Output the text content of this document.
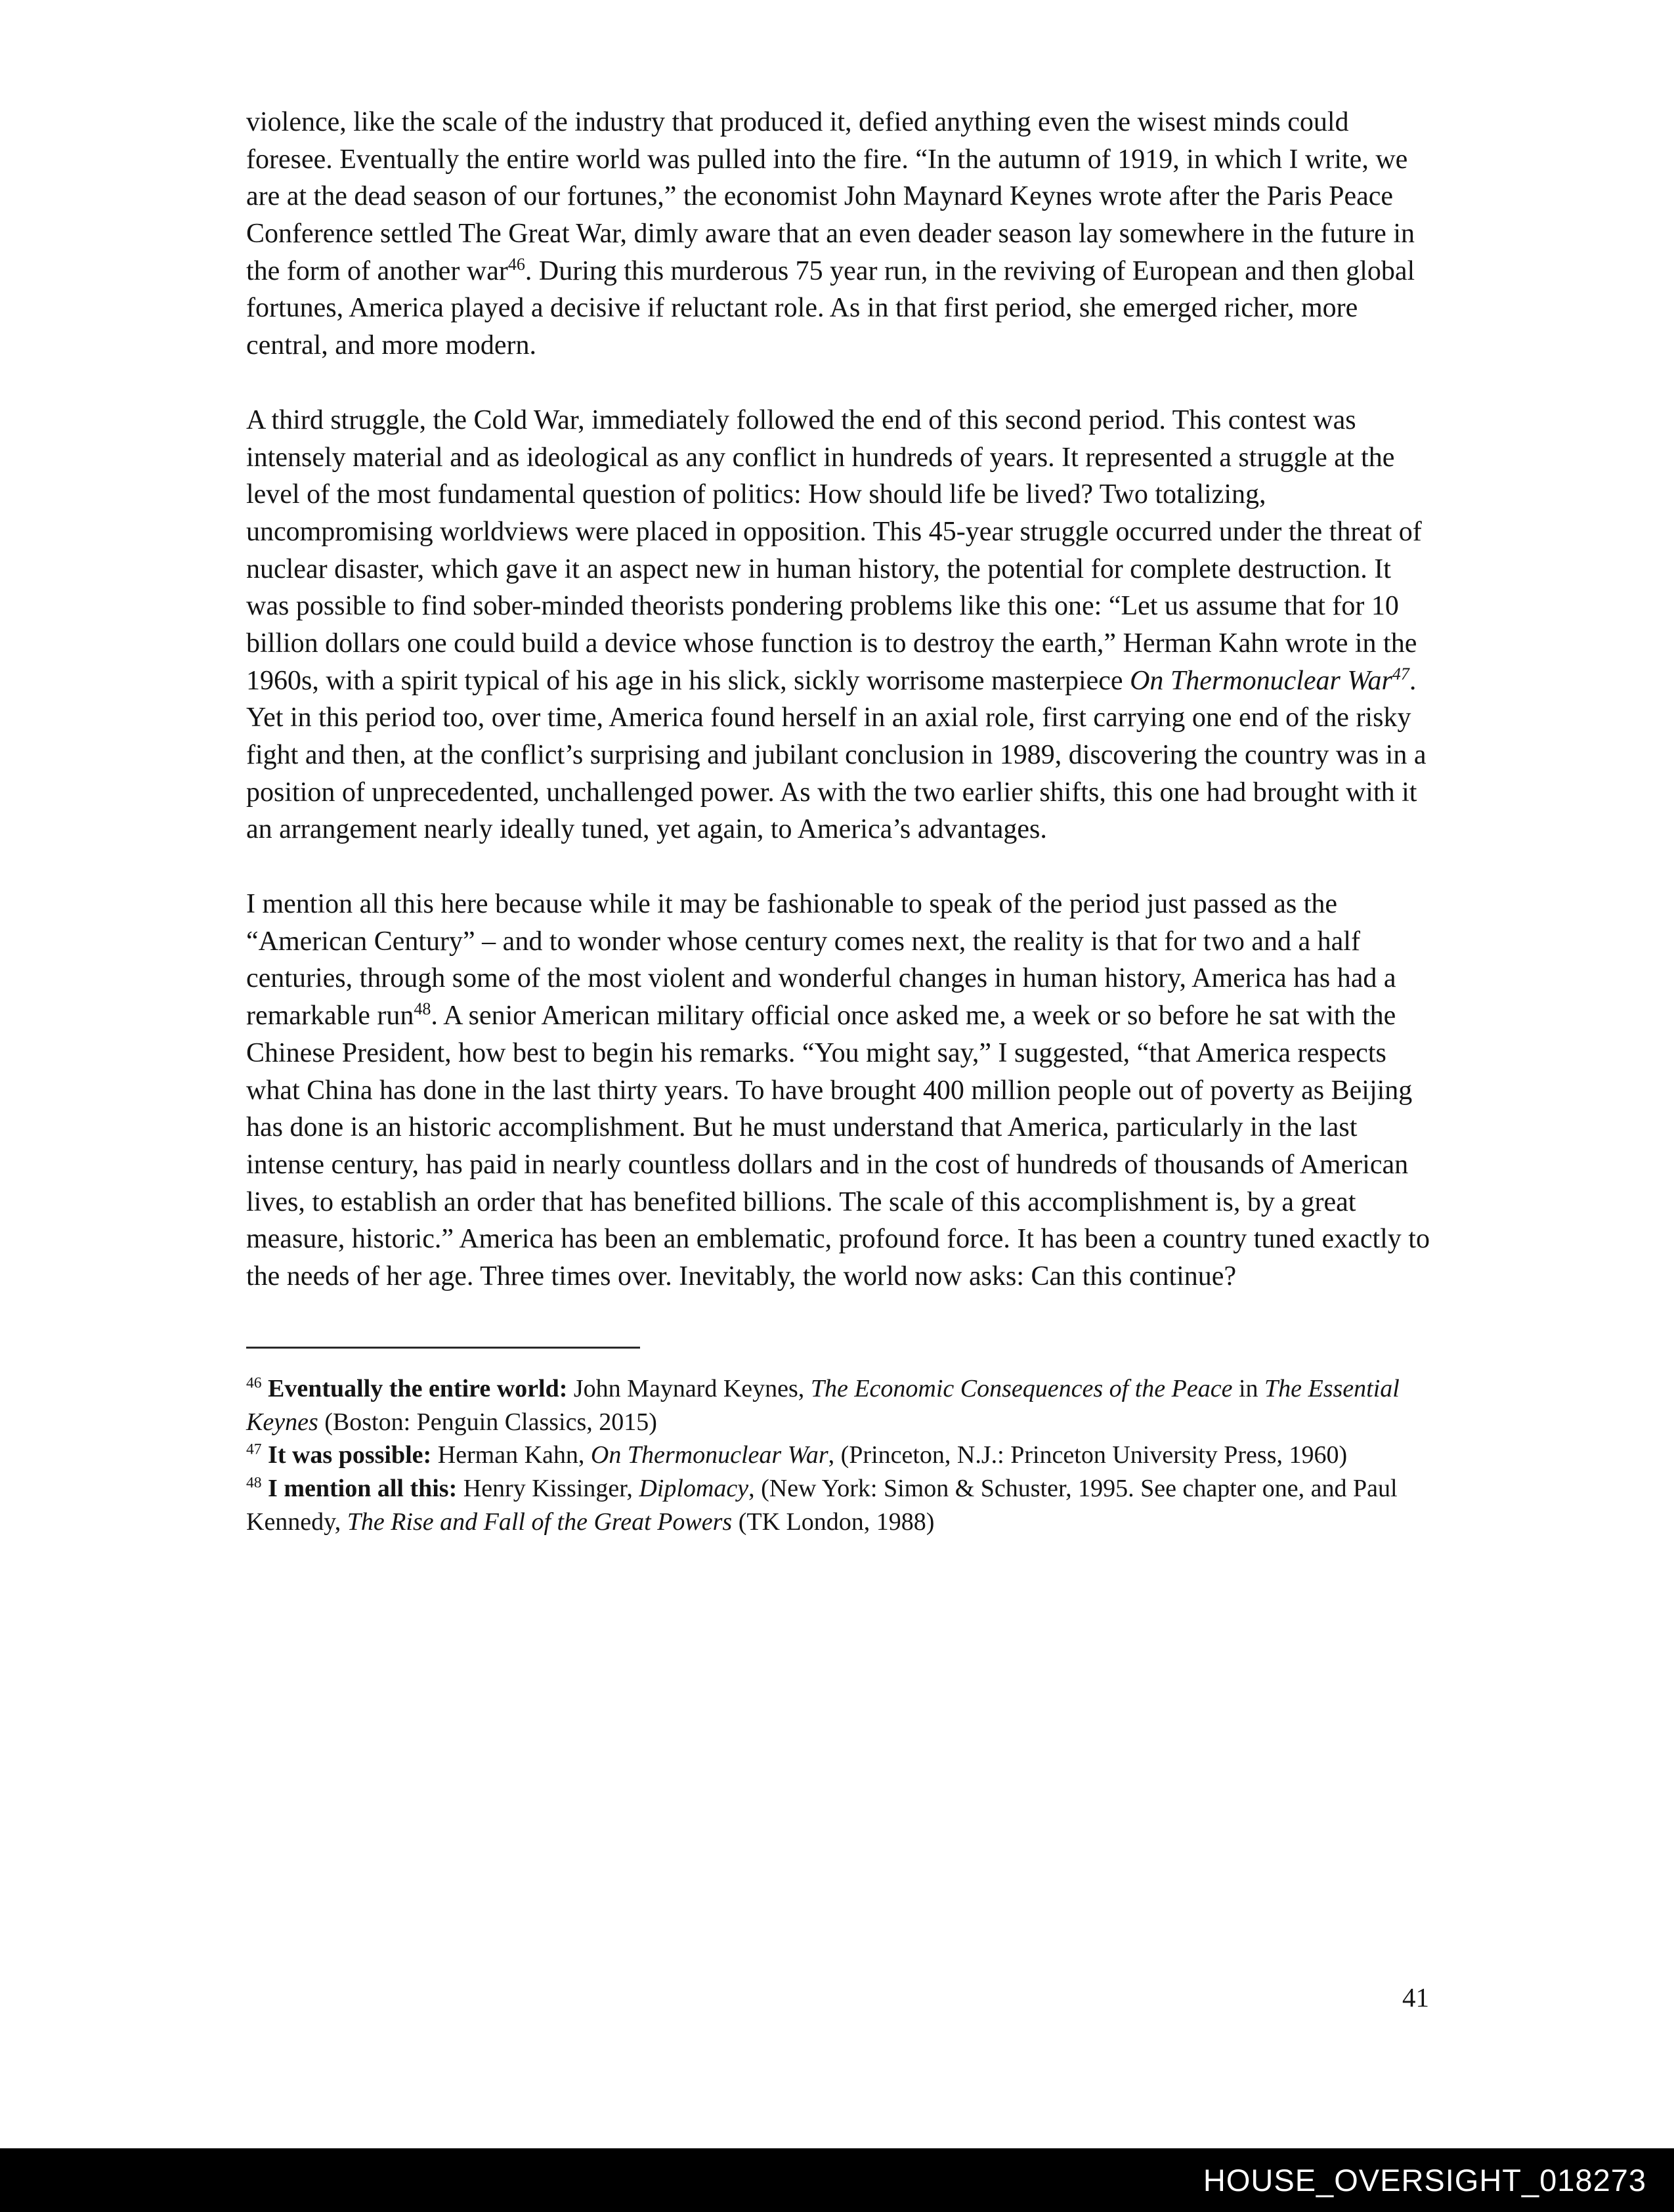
violence, like the scale of the industry that produced it, defied anything even the wisest minds could foresee. Eventually the entire world was pulled into the fire. “In the autumn of 1919, in which I write, we are at the dead season of our fortunes,” the economist John Maynard Keynes wrote after the Paris Peace Conference settled The Great War, dimly aware that an even deader season lay somewhere in the future in the form of another war$^{46}$. During this murderous 75 year run, in the reviving of European and then global fortunes, America played a decisive if reluctant role. As in that first period, she emerged richer, more central, and more modern.

A third struggle, the Cold War, immediately followed the end of this second period. This contest was intensely material and as ideological as any conflict in hundreds of years. It represented a struggle at the level of the most fundamental question of politics: How should life be lived? Two totalizing, uncompromising worldviews were placed in opposition. This 45-year struggle occurred under the threat of nuclear disaster, which gave it an aspect new in human history, the potential for complete destruction. It was possible to find sober-minded theorists pondering problems like this one: “Let us assume that for 10 billion dollars one could build a device whose function is to destroy the earth,” Herman Kahn wrote in the 1960s, with a spirit typical of his age in his slick, sickly worrisome masterpiece On Thermonuclear War$^{47}$. Yet in this period too, over time, America found herself in an axial role, first carrying one end of the risky fight and then, at the conflict’s surprising and jubilant conclusion in 1989, discovering the country was in a position of unprecedented, unchallenged power. As with the two earlier shifts, this one had brought with it an arrangement nearly ideally tuned, yet again, to America’s advantages.

I mention all this here because while it may be fashionable to speak of the period just passed as the “American Century” – and to wonder whose century comes next, the reality is that for two and a half centuries, through some of the most violent and wonderful changes in human history, America has had a remarkable run$^{48}$. A senior American military official once asked me, a week or so before he sat with the Chinese President, how best to begin his remarks. “You might say,” I suggested, “that America respects what China has done in the last thirty years. To have brought 400 million people out of poverty as Beijing has done is an historic accomplishment. But he must understand that America, particularly in the last intense century, has paid in nearly countless dollars and in the cost of hundreds of thousands of American lives, to establish an order that has benefited billions. The scale of this accomplishment is, by a great measure, historic.” America has been an emblematic, profound force. It has been a country tuned exactly to the needs of her age. Three times over. Inevitably, the world now asks: Can this continue?

$^{46}$ Eventually the entire world: John Maynard Keynes, The Economic Consequences of the Peace in The Essential Keynes (Boston: Penguin Classics, 2015)

$^{47}$ It was possible: Herman Kahn, On Thermonuclear War, (Princeton, N.J.: Princeton University Press, 1960)

$^{48}$ I mention all this: Henry Kissinger, Diplomacy, (New York: Simon & Schuster, 1995. See chapter one, and Paul Kennedy, The Rise and Fall of the Great Powers (TK London, 1988)

41
HOUSE_OVERSIGHT_018273
